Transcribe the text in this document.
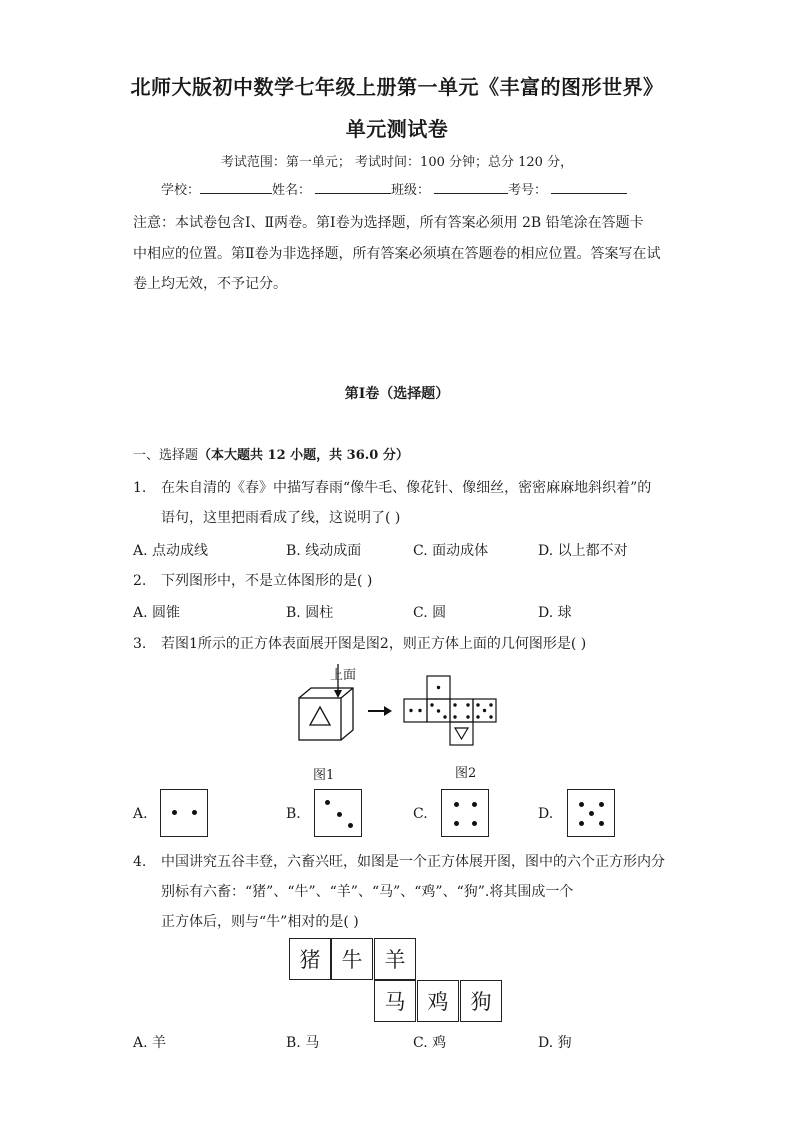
北师大版初中数学七年级上册第一单元《丰富的图形世界》
单元测试卷
考试范围：第一单元； 考试时间：100 分钟；总分 120 分，
学校：	姓名：	班级：	考号：
注意：本试卷包含Ⅰ、Ⅱ两卷。第Ⅰ卷为选择题，所有答案必须用 2B 铅笔涂在答题卡
中相应的位置。第Ⅱ卷为非选择题，所有答案必须填在答题卷的相应位置。答案写在试
卷上均无效，不予记分。
第Ⅰ卷（选择题）
一、选择题（本大题共 12 小题，共 36.0 分）
1. 在朱自清的《春》中描写春雨“像牛毛、像花针、像细丝，密密麻麻地斜织着”的
语句，这里把雨看成了线，这说明了( )
A. 点动成线	B. 线动成面	C. 面动成体	D. 以上都不对
2. 下列图形中，不是立体图形的是( )
A. 圆锥	B. 圆柱	C. 圆	D. 球
3. 若图1所示的正方体表面展开图是图2，则正方体上面的几何图形是( )
上面
图1	图2
A.	B.	C.	D.
4. 中国讲究五谷丰登，六畜兴旺，如图是一个正方体展开图，图中的六个正方形内分
别标有六畜：“猪”、“牛”、“羊”、“马”、“鸡”、“狗”.将其围成一个
正方体后，则与“牛”相对的是( )
猪	牛	羊
马	鸡	狗
A. 羊	B. 马	C. 鸡	D. 狗
